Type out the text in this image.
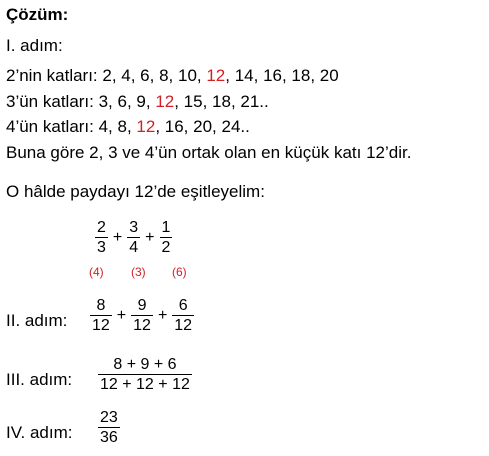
Çözüm:
I. adım:
2’nin katları: 2, 4, 6, 8, 10, 12, 14, 16, 18, 20
3’ün katları: 3, 6, 9, 12, 15, 18, 21..
4’ün katları: 4, 8, 12, 16, 20, 24..
Buna göre 2, 3 ve 4’ün ortak olan en küçük katı 12’dir.
O hâlde paydayı 12’de eşitleyelim:
$\frac{2}{3} + \frac{3}{4} + \frac{1}{2}$
(4) (3) (6)
II. adım: $\frac{8}{12} + \frac{9}{12} + \frac{6}{12}$
III. adım: $\frac{8 + 9 + 6}{12 + 12 + 12}$
IV. adım: $\frac{23}{36}$
